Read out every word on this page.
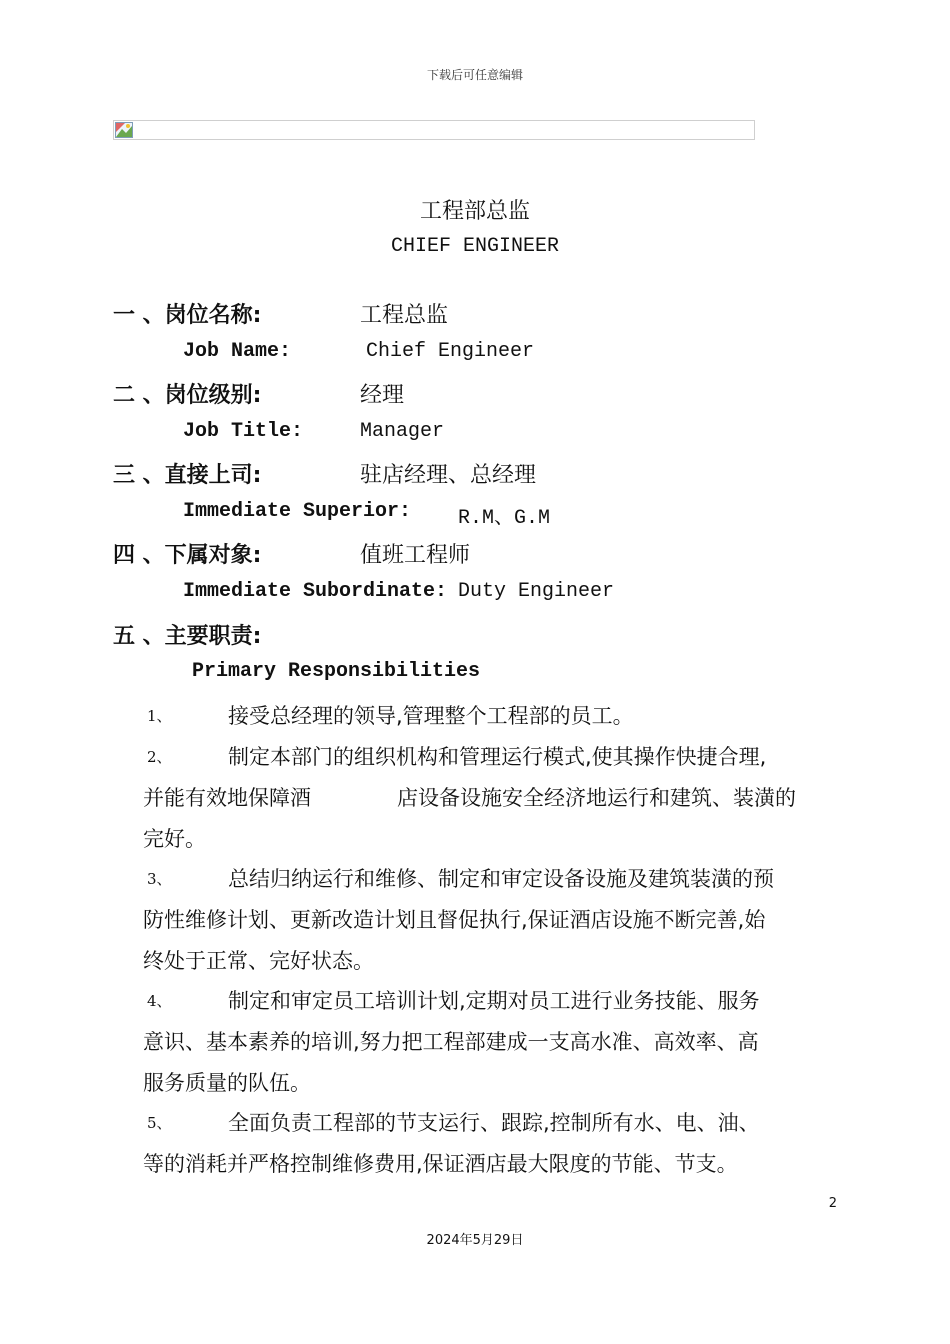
下载后可任意编辑
工程部总监
CHIEF ENGINEER
一 、岗位名称:	工程总监
Job Name:	Chief Engineer
二 、岗位级别:	经理
Job Title:	Manager
三 、直接上司:	驻店经理、总经理
Immediate Superior: R.M、G.M
四 、下属对象:	值班工程师
Immediate Subordinate: Duty Engineer
五 、主要职责:
Primary Responsibilities
1、	接受总经理的领导,管理整个工程部的员工。
2、	制定本部门的组织机构和管理运行模式,使其操作快捷合理,
并能有效地保障酒	店设备设施安全经济地运行和建筑、装潢的
完好。
3、	总结归纳运行和维修、制定和审定设备设施及建筑装潢的预
防性维修计划、更新改造计划且督促执行,保证酒店设施不断完善,始
终处于正常、完好状态。
4、	制定和审定员工培训计划,定期对员工进行业务技能、服务
意识、基本素养的培训,努力把工程部建成一支高水准、高效率、高
服务质量的队伍。
5、	全面负责工程部的节支运行、跟踪,控制所有水、电、油、
等的消耗并严格控制维修费用,保证酒店最大限度的节能、节支。
2
2024年5月29日
